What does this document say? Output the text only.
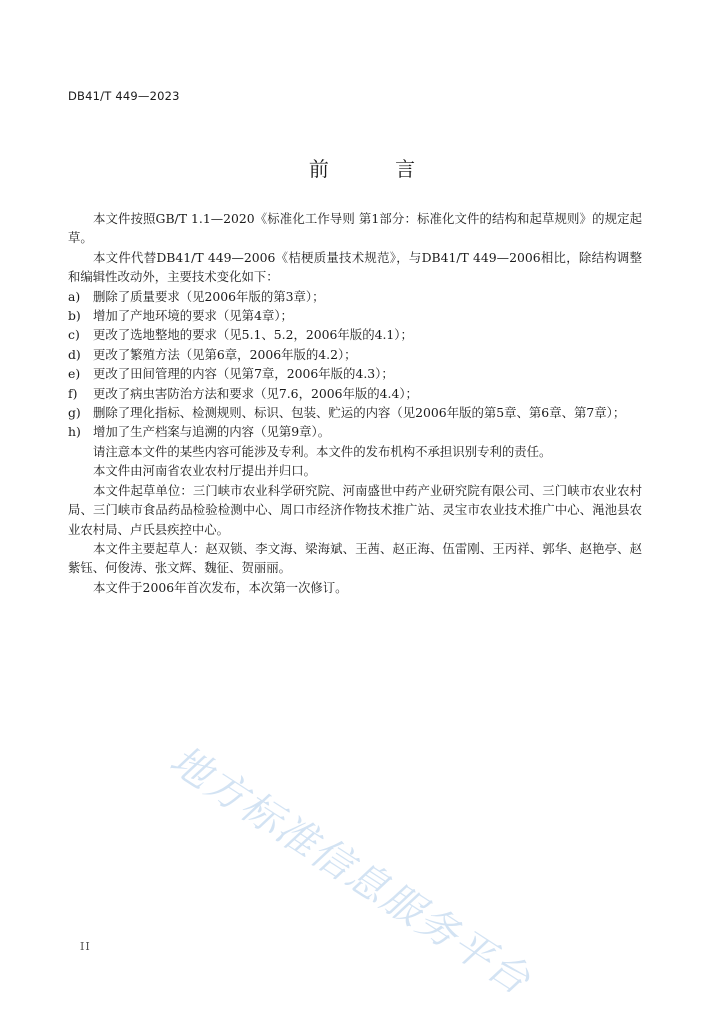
DB41/T 449—2023
前 言

本文件按照GB/T 1.1—2020《标准化工作导则 第1部分：标准化文件的结构和起草规则》的规定起草。

本文件代替DB41/T 449—2006《桔梗质量技术规范》，与DB41/T 449—2006相比，除结构调整和编辑性改动外，主要技术变化如下：

a)	删除了质量要求（见2006年版的第3章）；
b) 增加了产地环境的要求（见第4章）；
c)	更改了选地整地的要求（见5.1、5.2，2006年版的4.1）；
d) 更改了繁殖方法（见第6章，2006年版的4.2）；
e)	更改了田间管理的内容（见第7章，2006年版的4.3）；
f)	更改了病虫害防治方法和要求（见7.6，2006年版的4.4）；
g) 删除了理化指标、检测规则、标识、包装、贮运的内容（见2006年版的第5章、第6章、第7章）；
h) 增加了生产档案与追溯的内容（见第9章）。

请注意本文件的某些内容可能涉及专利。本文件的发布机构不承担识别专利的责任。

本文件由河南省农业农村厅提出并归口。

本文件起草单位：三门峡市农业科学研究院、河南盛世中药产业研究院有限公司、三门峡市农业农村局、三门峡市食品药品检验检测中心、周口市经济作物技术推广站、灵宝市农业技术推广中心、渑池县农业农村局、卢氏县疾控中心。

本文件主要起草人：赵双锁、李文海、梁海斌、王茜、赵正海、伍雷刚、王丙祥、郭华、赵艳亭、赵紫钰、何俊涛、张文辉、魏征、贺丽丽。

本文件于2006年首次发布，本次第一次修订。

地方标准信息服务平台
II
